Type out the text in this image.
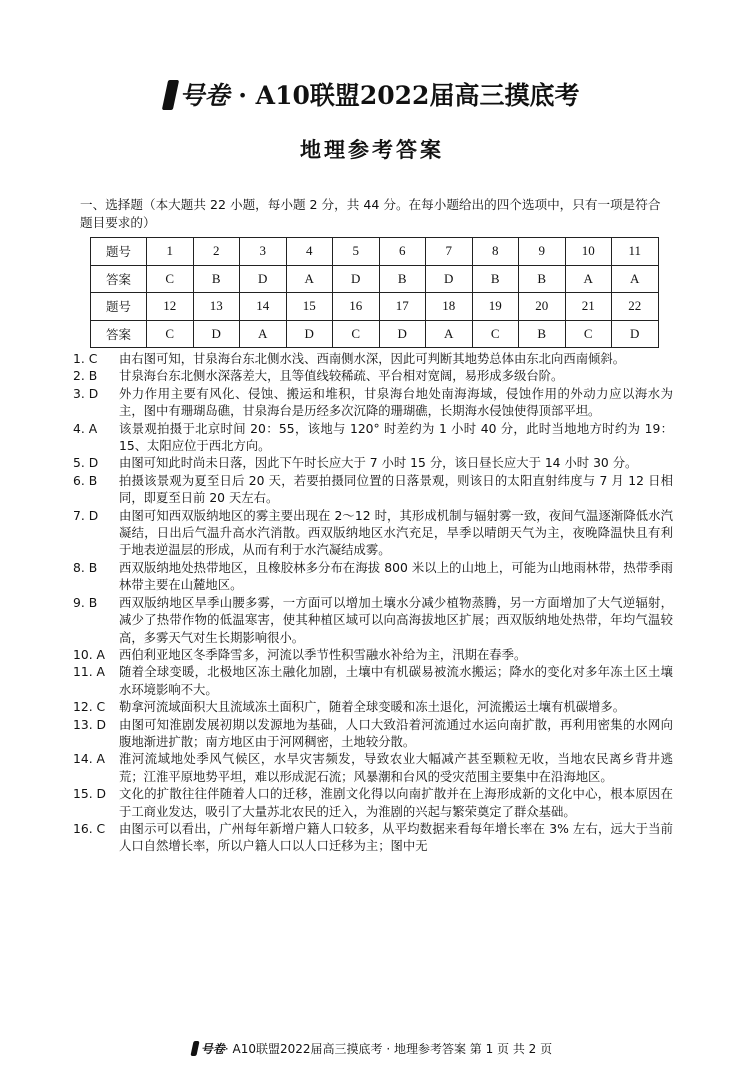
号卷 · A10联盟2022届高三摸底考
地理参考答案
一、选择题（本大题共 22 小题，每小题 2 分，共 44 分。在每小题给出的四个选项中，只有一项是符合题目要求的）
题号	1	2	3	4	5	6	7	8	9	10	11
答案	C	B	D	A	D	B	D	B	B	A	A
题号	12	13	14	15	16	17	18	19	20	21	22
答案	C	D	A	D	C	D	A	C	B	C	D
1. C 由右图可知，甘泉海台东北侧水浅、西南侧水深，因此可判断其地势总体由东北向西南倾斜。
2. B 甘泉海台东北侧水深落差大，且等值线较稀疏、平台相对宽阔，易形成多级台阶。
3. D 外力作用主要有风化、侵蚀、搬运和堆积，甘泉海台地处南海海域，侵蚀作用的外动力应以海水为主，图中有珊瑚岛礁，甘泉海台是历经多次沉降的珊瑚礁，长期海水侵蚀使得顶部平坦。
4. A 该景观拍摄于北京时间 20：55，该地与 120° 时差约为 1 小时 40 分，此时当地地方时约为 19：15、太阳应位于西北方向。
5. D 由图可知此时尚未日落，因此下午时长应大于 7 小时 15 分，该日昼长应大于 14 小时 30 分。
6. B 拍摄该景观为夏至日后 20 天，若要拍摄同位置的日落景观，则该日的太阳直射纬度与 7 月 12 日相同，即夏至日前 20 天左右。
7. D 由图可知西双版纳地区的雾主要出现在 2～12 时，其形成机制与辐射雾一致，夜间气温逐渐降低水汽凝结，日出后气温升高水汽消散。西双版纳地区水汽充足，旱季以晴朗天气为主，夜晚降温快且有利于地表逆温层的形成，从而有利于水汽凝结成雾。
8. B 西双版纳地处热带地区，且橡胶林多分布在海拔 800 米以上的山地上，可能为山地雨林带，热带季雨林带主要在山麓地区。
9. B 西双版纳地区旱季山腰多雾，一方面可以增加土壤水分减少植物蒸腾，另一方面增加了大气逆辐射，减少了热带作物的低温寒害，使其种植区域可以向高海拔地区扩展；西双版纳地处热带，年均气温较高，多雾天气对生长期影响很小。
10. A 西伯利亚地区冬季降雪多，河流以季节性积雪融水补给为主，汛期在春季。
11. A 随着全球变暖，北极地区冻土融化加剧，土壤中有机碳易被流水搬运；降水的变化对多年冻土区土壤水环境影响不大。
12. C 勒拿河流域面积大且流域冻土面积广，随着全球变暖和冻土退化，河流搬运土壤有机碳增多。
13. D 由图可知淮剧发展初期以发源地为基础，人口大致沿着河流通过水运向南扩散，再利用密集的水网向腹地渐进扩散；南方地区由于河网稠密，土地较分散。
14. A 淮河流域地处季风气候区，水旱灾害频发，导致农业大幅减产甚至颗粒无收，当地农民离乡背井逃荒；江淮平原地势平坦，难以形成泥石流；风暴潮和台风的受灾范围主要集中在沿海地区。
15. D 文化的扩散往往伴随着人口的迁移，淮剧文化得以向南扩散并在上海形成新的文化中心，根本原因在于工商业发达，吸引了大量苏北农民的迁入，为淮剧的兴起与繁荣奠定了群众基础。
16. C 由图示可以看出，广州每年新增户籍人口较多，从平均数据来看每年增长率在 3% 左右，远大于当前人口自然增长率，所以户籍人口以人口迁移为主；图中无
号卷· A10联盟2022届高三摸底考 · 地理参考答案 第 1 页 共 2 页
